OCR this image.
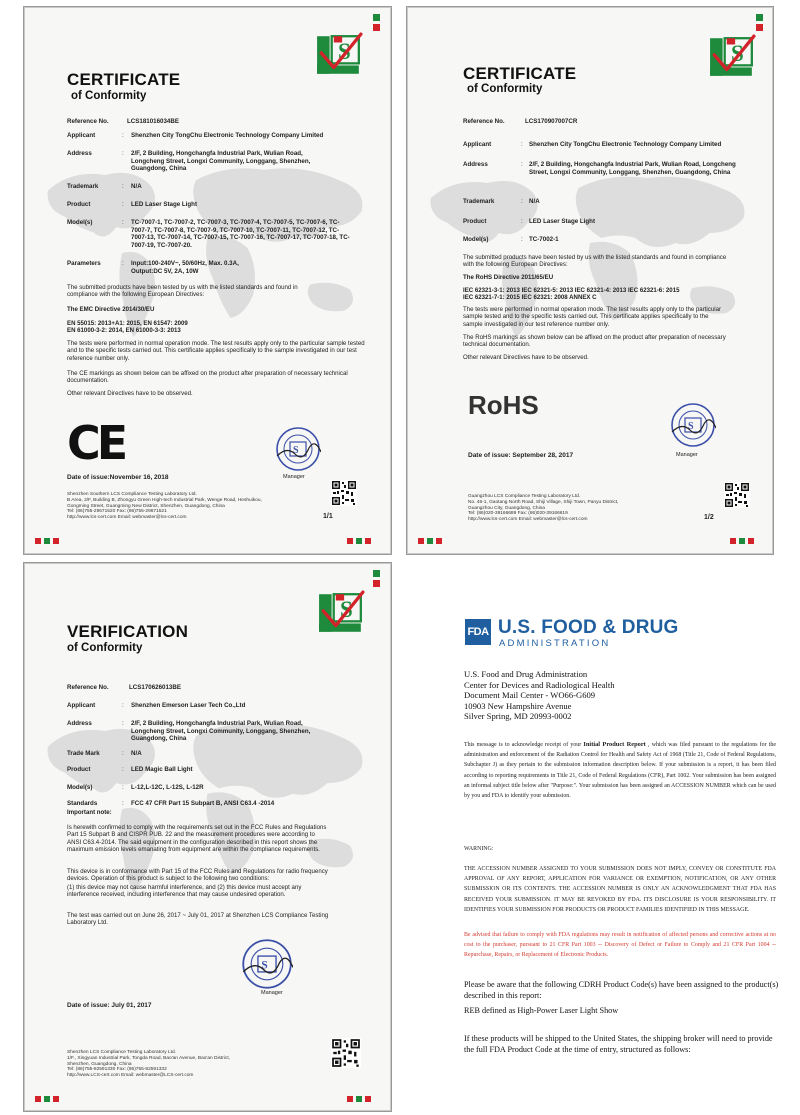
CERTIFICATE
of Conformity
Reference No.	LCS181016034BE
Applicant	: Shenzhen City TongChu Electronic Technology Company Limited
Address	: 2/F, 2 Building, Hongchangfa Industrial Park, Wulian Road, Longcheng Street, Longxi Community, Longgang, Shenzhen, Guangdong, China
Trademark	: N/A
Product	: LED Laser Stage Light
Model(s)	: TC-7007-1, TC-7007-2, TC-7007-3, TC-7007-4, TC-7007-5, TC-7007-6, TC-7007-7, TC-7007-8, TC-7007-9, TC-7007-10, TC-7007-11, TC-7007-12, TC-7007-13, TC-7007-14, TC-7007-15, TC-7007-16, TC-7007-17, TC-7007-18, TC-7007-19, TC-7007-20.
Parameters	: Input:100-240V~, 50/60Hz, Max. 0.3A,
Output:DC 5V, 2A, 10W
The submitted products have been tested by us with the listed standards and found in compliance with the following European Directives:
The EMC Directive 2014/30/EU
EN 55015: 2013+A1: 2015, EN 61547: 2009
EN 61000-3-2: 2014, EN 61000-3-3: 2013
The tests were performed in normal operation mode. The test results apply only to the particular sample tested and to the specific tests carried out. This certificate applies specifically to the sample investigated in our test reference number only.
The CE markings as shown below can be affixed on the product after preparation of necessary technical documentation.
Other relevant Directives have to be observed.
CE
Manager
Date of issue:November 16, 2018
Shenzhen Southern LCS Compliance Testing Laboratory Ltd.
B Area, 2/F, Building B, Zhongyu Green High-tech Industrial Park, Wenge Road, Heshuikou,
Gongming Street, Guangming New District, Shenzhen, Guangdong, China
Tel: (86)755-29671520 Fax: (86)755-29671521
http://www.lcs-cert.com Email: webmaster@lcs-cert.com	1/1
CERTIFICATE
of Conformity
Reference No.	LCS170907007CR
Applicant	: Shenzhen City TongChu Electronic Technology Company Limited
Address	: 2/F, 2 Building, Hongchangfa Industrial Park, Wulian Road, Longcheng Street, Longxi Community, Longgang, Shenzhen, Guangdong, China
Trademark	: N/A
Product	: LED Laser Stage Light
Model(s)	: TC-7002-1
The submitted products have been tested by us with the listed standards and found in compliance with the following European Directives:
The RoHS Directive 2011/65/EU
IEC 62321-3-1: 2013 IEC 62321-5: 2013 IEC 62321-4: 2013 IEC 62321-6: 2015
IEC 62321-7-1: 2015 IEC 62321: 2008 ANNEX C
The tests were performed in normal operation mode. The test results apply only to the particular sample tested and to the specific tests carried out. This certificate applies specifically to the sample investigated in our test reference number only.
The RoHS markings as shown below can be affixed on the product after preparation of necessary technical documentation.
Other relevant Directives have to be observed.
RoHS
Manager
Date of issue: September 28, 2017
Guangzhou LCS Compliance Testing Laboratory Ltd.
No. 46-1, Gaotang North Road, Shiji Village, Shiji Town, Panyu District,
Guangzhou City, Guangdong, China
Tel: (86)020-39166689 Fax: (86)020-39166619
http://www.lcs-cert.com Email: webmaster@lcs-cert.com	1/2
VERIFICATION
of Conformity
Reference No.	LCS170626013BE
Applicant	: Shenzhen Emerson Laser Tech Co.,Ltd
Address	: 2/F, 2 Building, Hongchangfa Industrial Park, Wulian Road, Longcheng Street, Longxi Community, Longgang, Shenzhen, Guangdong, China
Trade Mark	: N/A
Product	: LED Magic Ball Light
Model(s)	: L-12,L-12C, L-12S, L-12R
Standards	: FCC 47 CFR Part 15 Subpart B, ANSI C63.4 -2014
Important note:
Is herewith confirmed to comply with the requirements set out in the FCC Rules and Regulations Part 15 Subpart B and CISPR PUB. 22 and the measurement procedures were according to ANSI C63.4-2014. The said equipment in the configuration described in this report shows the maximum emission levels emanating from equipment are within the compliance requirements.
This device is in conformance with Part 15 of the FCC Rules and Regulations for radio frequency devices. Operation of this product is subject to the following two conditions:
(1) this device may not cause harmful interference, and (2) this device must accept any interference received, including interference that may cause undesired operation.
The test was carried out on June 26, 2017 ~ July 01, 2017 at Shenzhen LCS Compliance Testing Laboratory Ltd.
Manager
Date of issue: July 01, 2017
Shenzhen LCS Compliance Testing Laboratory Ltd.
1/F., Xingyuan Industrial Park, Tongda Road, Bao'an Avenue, Bao'an District,
Shenzhen, Guangdong, China
Tel: (86)755-82591330 Fax: (86)755-82591332
http://www.LCS-cert.com Email: webmaster@LCS-cert.com
FDA U.S. FOOD & DRUG
ADMINISTRATION
U.S. Food and Drug Administration
Center for Devices and Radiological Health
Document Mail Center - WO66-G609
10903 New Hampshire Avenue
Silver Spring, MD 20993-0002
This message is to acknowledge receipt of your Initial Product Report , which was filed pursuant to the regulations for the administration and enforcement of the Radiation Control for Health and Safety Act of 1968 (Title 21, Code of Federal Regulations, Subchapter J) as they pertain to the submission information description below. If your submission is a report, it has been filed according to reporting requirements in Title 21, Code of Federal Regulations (CFR), Part 1002. Your submission has been assigned an informal subject title below after "Purpose:". Your submission has been assigned an ACCESSION NUMBER which can be used by you and FDA to identify your submission.
WARNING:
THE ACCESSION NUMBER ASSIGNED TO YOUR SUBMISSION DOES NOT IMPLY, CONVEY OR CONSTITUTE FDA APPROVAL OF ANY REPORT, APPLICATION FOR VARIANCE OR EXEMPTION, NOTIFICATION, OR ANY OTHER SUBMISSION OR ITS CONTENTS. THE ACCESSION NUMBER IS ONLY AN ACKNOWLEDGMENT THAT FDA HAS RECEIVED YOUR SUBMISSION. IT MAY BE REVOKED BY FDA. ITS DISCLOSURE IS YOUR RESPONSIBILITY. IT IDENTIFIES YOUR SUBMISSION FOR PRODUCTS OR PRODUCT FAMILIES IDENTIFIED IN THIS MESSAGE.
Be advised that failure to comply with FDA regulations may result in notification of affected persons and corrective actions at no cost to the purchaser, pursuant to 21 CFR Part 1003 -- Discovery of Defect or Failure to Comply and 21 CFR Part 1004 -- Repurchase, Repairs, or Replacement of Electronic Products.
Please be aware that the following CDRH Product Code(s) have been assigned to the product(s) described in this report:
REB defined as High-Power Laser Light Show
If these products will be shipped to the United States, the shipping broker will need to provide the full FDA Product Code at the time of entry, structured as follows:
